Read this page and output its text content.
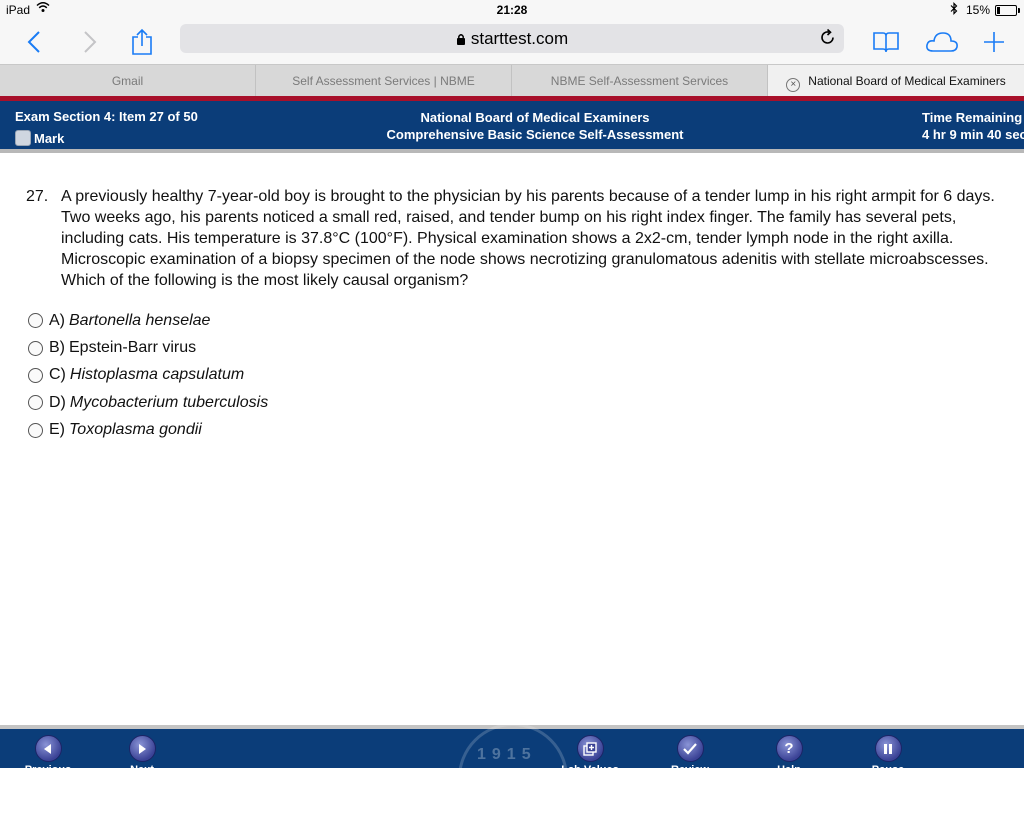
iPad	21:28	15%
starttest.com
Gmail	Self Assessment Services | NBME	NBME Self-Assessment Services	× National Board of Medical Examiners
Exam Section 4: Item 27 of 50
Mark
National Board of Medical Examiners
Comprehensive Basic Science Self-Assessment
Time Remaining
4 hr 9 min 40 sec
27. A previously healthy 7-year-old boy is brought to the physician by his parents because of a tender lump in his right armpit for 6 days. Two weeks ago, his parents noticed a small red, raised, and tender bump on his right index finger. The family has several pets, including cats. His temperature is 37.8°C (100°F). Physical examination shows a 2x2-cm, tender lymph node in the right axilla. Microscopic examination of a biopsy specimen of the node shows necrotizing granulomatous adenitis with stellate microabscesses. Which of the following is the most likely causal organism?
A) Bartonella henselae
B) Epstein-Barr virus
C) Histoplasma capsulatum
D) Mycobacterium tuberculosis
E) Toxoplasma gondii
1915
Previous	Next	Lab Values	Review
?
Help	Pause
